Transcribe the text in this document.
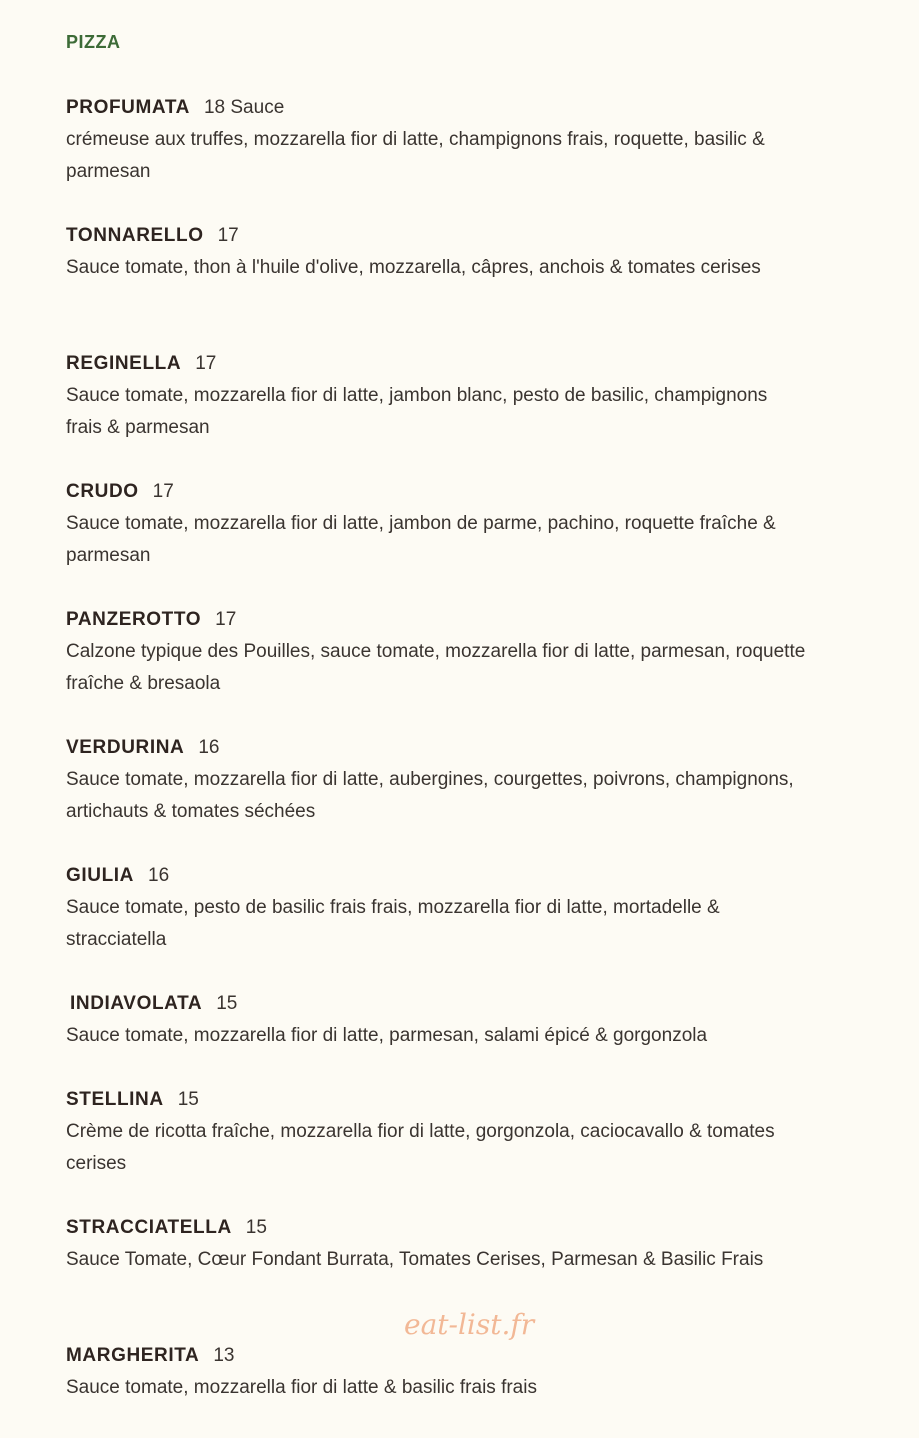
PIZZA
PROFUMATA 18 Sauce
crémeuse aux truffes, mozzarella fior di latte, champignons frais, roquette, basilic & parmesan
TONNARELLO 17
Sauce tomate, thon à l'huile d'olive, mozzarella, câpres, anchois & tomates cerises
REGINELLA 17
Sauce tomate, mozzarella fior di latte, jambon blanc, pesto de basilic, champignons frais & parmesan
CRUDO 17
Sauce tomate, mozzarella fior di latte, jambon de parme, pachino, roquette fraîche & parmesan
PANZEROTTO 17
Calzone typique des Pouilles, sauce tomate, mozzarella fior di latte, parmesan, roquette fraîche & bresaola
VERDURINA 16
Sauce tomate, mozzarella fior di latte, aubergines, courgettes, poivrons, champignons, artichauts & tomates séchées
GIULIA 16
Sauce tomate, pesto de basilic frais frais, mozzarella fior di latte, mortadelle & stracciatella
INDIAVOLATA 15
Sauce tomate, mozzarella fior di latte, parmesan, salami épicé & gorgonzola
STELLINA 15
Crème de ricotta fraîche, mozzarella fior di latte, gorgonzola, caciocavallo & tomates cerises
STRACCIATELLA 15
Sauce Tomate, Cœur Fondant Burrata, Tomates Cerises, Parmesan & Basilic Frais
MARGHERITA 13
Sauce tomate, mozzarella fior di latte & basilic frais frais
eat-list.fr
